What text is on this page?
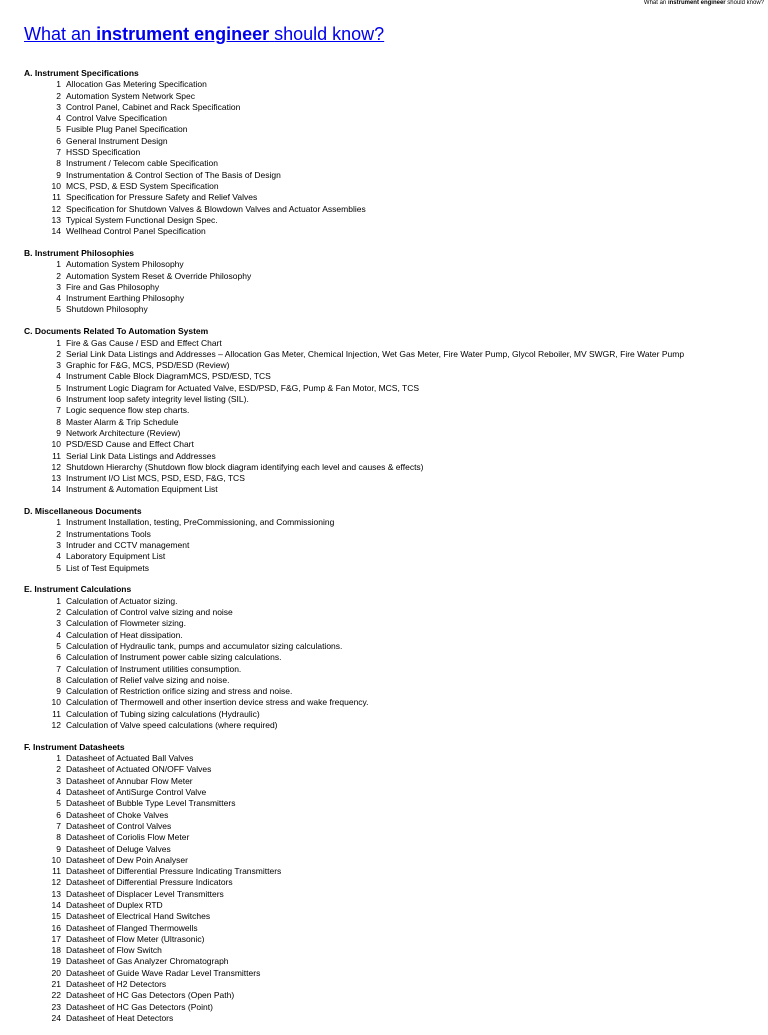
What an instrument engineer should know?
What an instrument engineer should know?
A. Instrument Specifications
1 Allocation Gas Metering Specification
2 Automation System Network Spec
3 Control Panel, Cabinet and Rack Specification
4 Control Valve Specification
5 Fusible Plug Panel Specification
6 General Instrument Design
7 HSSD Specification
8 Instrument / Telecom cable Specification
9 Instrumentation & Control Section of The Basis of Design
10 MCS, PSD, & ESD System Specification
11 Specification for Pressure Safety and Relief Valves
12 Specification for Shutdown Valves & Blowdown Valves and Actuator Assemblies
13 Typical System Functional Design Spec.
14 Wellhead Control Panel Specification
B. Instrument Philosophies
1 Automation System Philosophy
2 Automation System Reset & Override Philosophy
3 Fire and Gas Philosophy
4 Instrument Earthing Philosophy
5 Shutdown Philosophy
C. Documents Related To Automation System
1 Fire & Gas Cause / ESD and Effect Chart
2 Serial Link Data Listings and Addresses – Allocation Gas Meter, Chemical Injection, Wet Gas Meter, Fire Water Pump, Glycol Reboiler, MV SWGR, Fire Water Pump
3 Graphic for F&G, MCS, PSD/ESD (Review)
4 Instrument Cable Block DiagramMCS, PSD/ESD, TCS
5 Instrument Logic Diagram for Actuated Valve, ESD/PSD, F&G, Pump & Fan Motor, MCS, TCS
6 Instrument loop safety integrity level listing (SIL).
7 Logic sequence flow step charts.
8 Master Alarm & Trip Schedule
9 Network Architecture (Review)
10 PSD/ESD Cause and Effect Chart
11 Serial Link Data Listings and Addresses
12 Shutdown Hierarchy (Shutdown flow block diagram identifying each level and causes & effects)
13 Instrument I/O List MCS, PSD, ESD, F&G, TCS
14 Instrument & Automation Equipment List
D. Miscellaneous Documents
1 Instrument Installation, testing, PreCommissioning, and Commissioning
2 Instrumentations Tools
3 Intruder and CCTV management
4 Laboratory Equipment List
5 List of Test Equipmets
E. Instrument Calculations
1 Calculation of Actuator sizing.
2 Calculation of Control valve sizing and noise
3 Calculation of Flowmeter sizing.
4 Calculation of Heat dissipation.
5 Calculation of Hydraulic tank, pumps and accumulator sizing calculations.
6 Calculation of Instrument power cable sizing calculations.
7 Calculation of Instrument utilities consumption.
8 Calculation of Relief valve sizing and noise.
9 Calculation of Restriction orifice sizing and stress and noise.
10 Calculation of Thermowell and other insertion device stress and wake frequency.
11 Calculation of Tubing sizing calculations (Hydraulic)
12 Calculation of Valve speed calculations (where required)
F. Instrument Datasheets
1 Datasheet of Actuated Ball Valves
2 Datasheet of Actuated ON/OFF Valves
3 Datasheet of Annubar Flow Meter
4 Datasheet of AntiSurge Control Valve
5 Datasheet of Bubble Type Level Transmitters
6 Datasheet of Choke Valves
7 Datasheet of Control Valves
8 Datasheet of Coriolis Flow Meter
9 Datasheet of Deluge Valves
10 Datasheet of Dew Poin Analyser
11 Datasheet of Differential Pressure Indicating Transmitters
12 Datasheet of Differential Pressure Indicators
13 Datasheet of Displacer Level Transmitters
14 Datasheet of Duplex RTD
15 Datasheet of Electrical Hand Switches
16 Datasheet of Flanged Thermowells
17 Datasheet of Flow Meter (Ultrasonic)
18 Datasheet of Flow Switch
19 Datasheet of Gas Analyzer Chromatograph
20 Datasheet of Guide Wave Radar Level Transmitters
21 Datasheet of H2 Detectors
22 Datasheet of HC Gas Detectors (Open Path)
23 Datasheet of HC Gas Detectors (Point)
24 Datasheet of Heat Detectors
